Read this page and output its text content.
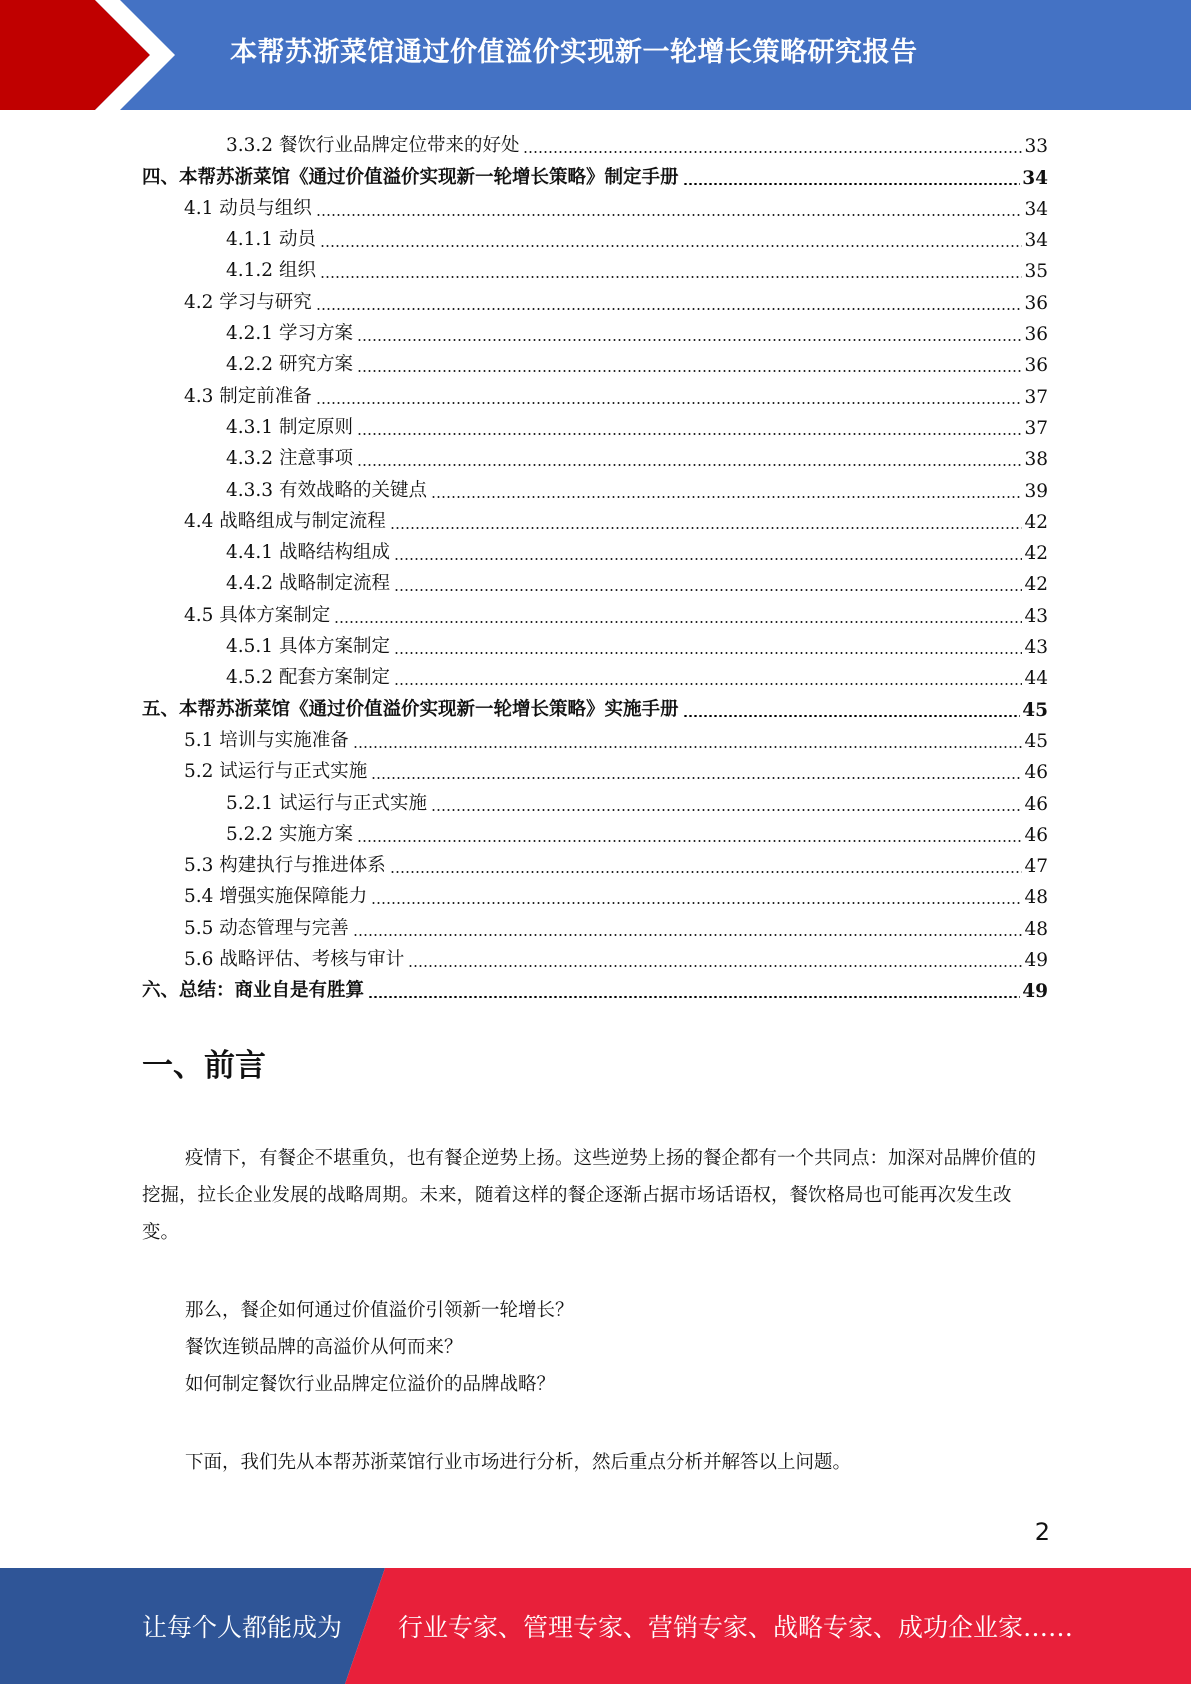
本帮苏浙菜馆通过价值溢价实现新一轮增长策略研究报告
3.3.2 餐饮行业品牌定位带来的好处	33
四、本帮苏浙菜馆《通过价值溢价实现新一轮增长策略》制定手册	34
4.1 动员与组织	34
4.1.1 动员	34
4.1.2 组织	35
4.2 学习与研究	36
4.2.1 学习方案	36
4.2.2 研究方案	36
4.3 制定前准备	37
4.3.1 制定原则	37
4.3.2 注意事项	38
4.3.3 有效战略的关键点	39
4.4 战略组成与制定流程	42
4.4.1 战略结构组成	42
4.4.2 战略制定流程	42
4.5 具体方案制定	43
4.5.1 具体方案制定	43
4.5.2 配套方案制定	44
五、本帮苏浙菜馆《通过价值溢价实现新一轮增长策略》实施手册	45
5.1 培训与实施准备	45
5.2 试运行与正式实施	46
5.2.1 试运行与正式实施	46
5.2.2 实施方案	46
5.3 构建执行与推进体系	47
5.4 增强实施保障能力	48
5.5 动态管理与完善	48
5.6 战略评估、考核与审计	49
六、总结：商业自是有胜算	49
一、前言
疫情下，有餐企不堪重负，也有餐企逆势上扬。这些逆势上扬的餐企都有一个共同点：加深对品牌价值的挖掘，拉长企业发展的战略周期。未来，随着这样的餐企逐渐占据市场话语权，餐饮格局也可能再次发生改变。
那么，餐企如何通过价值溢价引领新一轮增长？
餐饮连锁品牌的高溢价从何而来？
如何制定餐饮行业品牌定位溢价的品牌战略？
下面，我们先从本帮苏浙菜馆行业市场进行分析，然后重点分析并解答以上问题。
2
让每个人都能成为 行业专家、管理专家、营销专家、战略专家、成功企业家……
